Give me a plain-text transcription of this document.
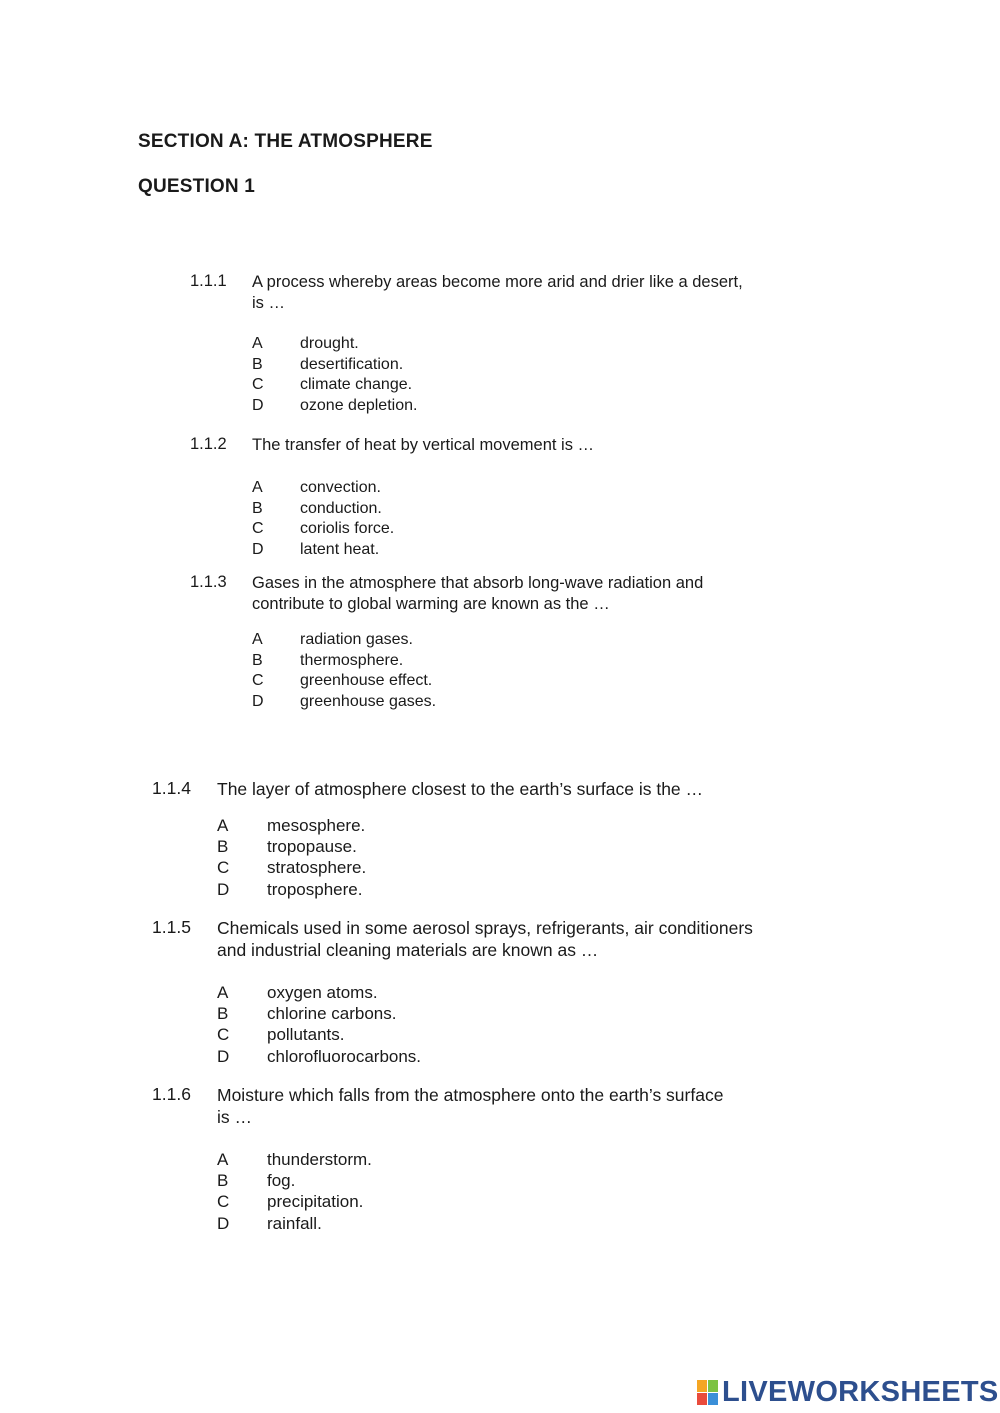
SECTION A: THE ATMOSPHERE
QUESTION 1
1.1.1	A process whereby areas become more arid and drier like a desert,
is …
A	drought.
B	desertification.
C	climate change.
D	ozone depletion.
1.1.2	The transfer of heat by vertical movement is …
A	convection.
B	conduction.
C	coriolis force.
D	latent heat.
1.1.3	Gases in the atmosphere that absorb long-wave radiation and
contribute to global warming are known as the …
A	radiation gases.
B	thermosphere.
C	greenhouse effect.
D	greenhouse gases.
1.1.4	The layer of atmosphere closest to the earth’s surface is the …
A	mesosphere.
B	tropopause.
C	stratosphere.
D	troposphere.
1.1.5	Chemicals used in some aerosol sprays, refrigerants, air conditioners
and industrial cleaning materials are known as …
A	oxygen atoms.
B	chlorine carbons.
C	pollutants.
D	chlorofluorocarbons.
1.1.6	Moisture which falls from the atmosphere onto the earth’s surface
is …
A	thunderstorm.
B	fog.
C	precipitation.
D	rainfall.
LIVEWORKSHEETS
